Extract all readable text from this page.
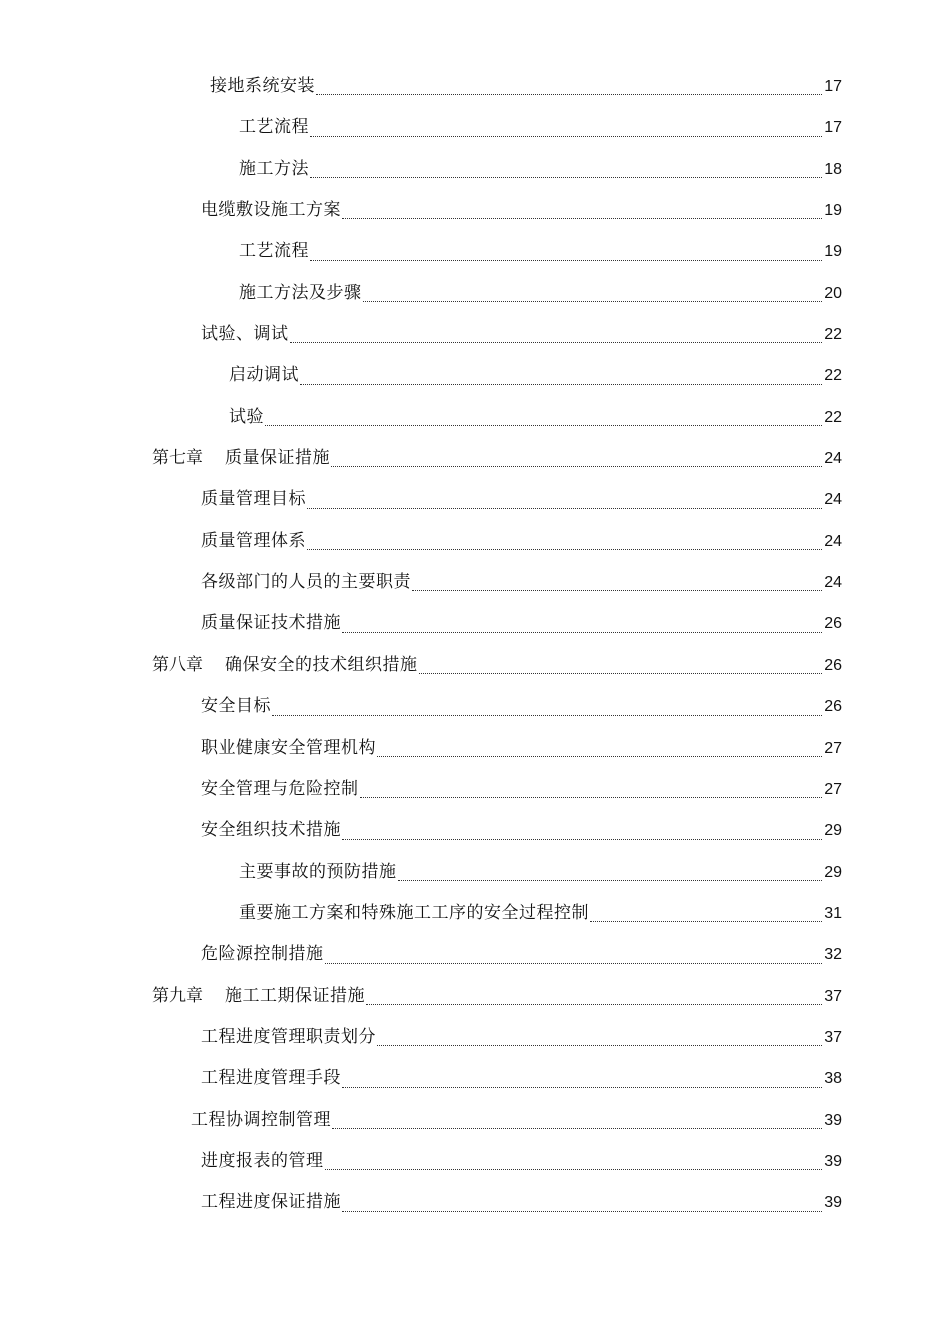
接地系统安装	17
工艺流程	17
施工方法	18
电缆敷设施工方案	19
工艺流程	19
施工方法及步骤	20
试验、调试	22
启动调试	22
试验	22
第七章 质量保证措施	24
质量管理目标	24
质量管理体系	24
各级部门的人员的主要职责	24
质量保证技术措施	26
第八章 确保安全的技术组织措施	26
安全目标	26
职业健康安全管理机构	27
安全管理与危险控制	27
安全组织技术措施	29
主要事故的预防措施	29
重要施工方案和特殊施工工序的安全过程控制	31
危险源控制措施	32
第九章 施工工期保证措施	37
工程进度管理职责划分	37
工程进度管理手段	38
工程协调控制管理	39
进度报表的管理	39
工程进度保证措施	39
